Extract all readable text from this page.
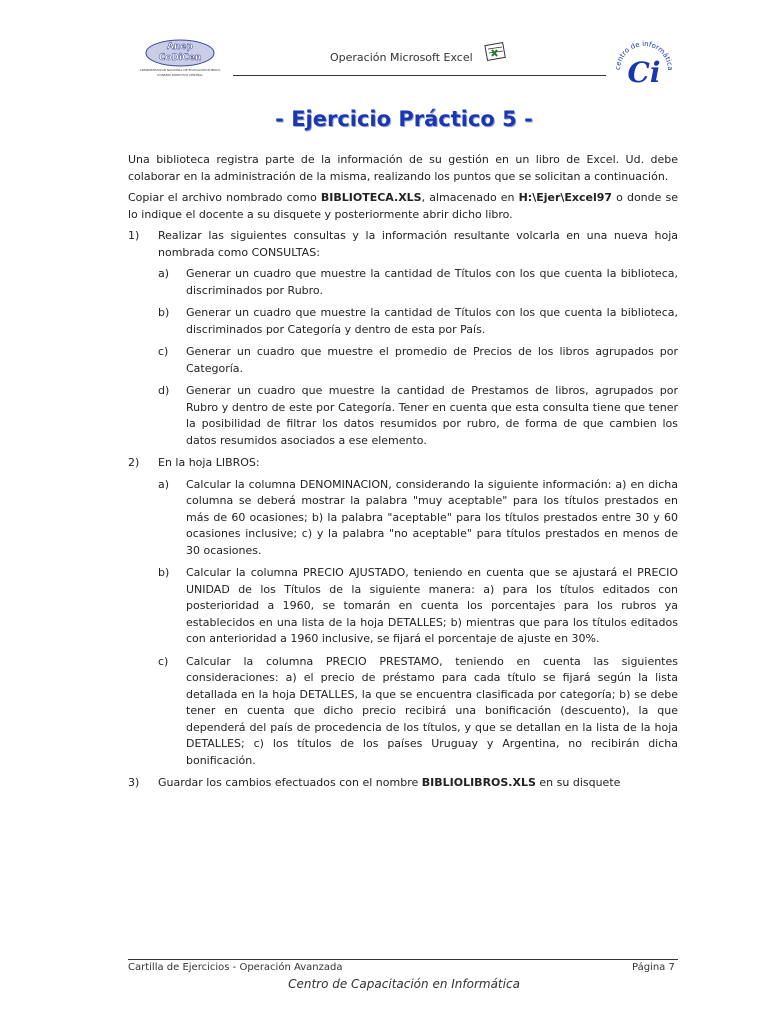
Anep
CoDiCen
ADMINISTRACIÓN NACIONAL DE EDUCACIÓN PÚBLICA
CONSEJO DIRECTIVO CENTRAL
Operación Microsoft Excel
centro de informática
Ci
- Ejercicio Práctico 5 -

Una biblioteca registra parte de la información de su gestión en un libro de Excel. Ud. debe colaborar en la administración de la misma, realizando los puntos que se solicitan a continuación.

Copiar el archivo nombrado como BIBLIOTECA.XLS, almacenado en H:\Ejer\Excel97 o donde se lo indique el docente a su disquete y posteriormente abrir dicho libro.

1) Realizar las siguientes consultas y la información resultante volcarla en una nueva hoja nombrada como CONSULTAS:
a) Generar un cuadro que muestre la cantidad de Títulos con los que cuenta la biblioteca, discriminados por Rubro.
b) Generar un cuadro que muestre la cantidad de Títulos con los que cuenta la biblioteca, discriminados por Categoría y dentro de esta por País.
c) Generar un cuadro que muestre el promedio de Precios de los libros agrupados por Categoría.
d) Generar un cuadro que muestre la cantidad de Prestamos de libros, agrupados por Rubro y dentro de este por Categoría. Tener en cuenta que esta consulta tiene que tener la posibilidad de filtrar los datos resumidos por rubro, de forma de que cambien los datos resumidos asociados a ese elemento.
2) En la hoja LIBROS:
a) Calcular la columna DENOMINACION, considerando la siguiente información: a) en dicha columna se deberá mostrar la palabra "muy aceptable" para los títulos prestados en más de 60 ocasiones; b) la palabra "aceptable" para los títulos prestados entre 30 y 60 ocasiones inclusive; c) y la palabra "no aceptable" para títulos prestados en menos de 30 ocasiones.
b) Calcular la columna PRECIO AJUSTADO, teniendo en cuenta que se ajustará el PRECIO UNIDAD de los Títulos de la siguiente manera: a) para los títulos editados con posterioridad a 1960, se tomarán en cuenta los porcentajes para los rubros ya establecidos en una lista de la hoja DETALLES; b) mientras que para los títulos editados con anterioridad a 1960 inclusive, se fijará el porcentaje de ajuste en 30%.
c) Calcular la columna PRECIO PRESTAMO, teniendo en cuenta las siguientes consideraciones: a) el precio de préstamo para cada título se fijará según la lista detallada en la hoja DETALLES, la que se encuentra clasificada por categoría; b) se debe tener en cuenta que dicho precio recibirá una bonificación (descuento), la que dependerá del país de procedencia de los títulos, y que se detallan en la lista de la hoja DETALLES; c) los títulos de los países Uruguay y Argentina, no recibirán dicha bonificación.
3) Guardar los cambios efectuados con el nombre BIBLIOLIBROS.XLS en su disquete
Cartilla de Ejercicios - Operación Avanzada	Página 7
Centro de Capacitación en Informática
